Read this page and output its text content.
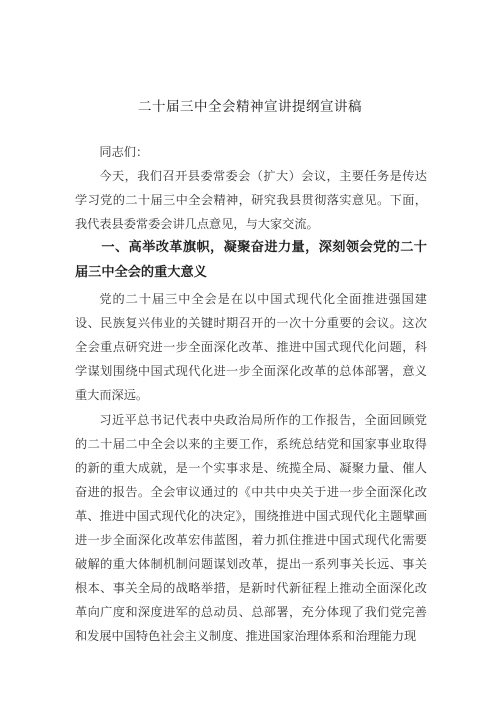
二十届三中全会精神宣讲提纲宣讲稿

同志们：

今天，我们召开县委常委会（扩大）会议，主要任务是传达学习党的二十届三中全会精神，研究我县贯彻落实意见。下面，我代表县委常委会讲几点意见，与大家交流。

一、高举改革旗帜，凝聚奋进力量，深刻领会党的二十届三中全会的重大意义

党的二十届三中全会是在以中国式现代化全面推进强国建设、民族复兴伟业的关键时期召开的一次十分重要的会议。这次全会重点研究进一步全面深化改革、推进中国式现代化问题，科学谋划围绕中国式现代化进一步全面深化改革的总体部署，意义重大而深远。

习近平总书记代表中央政治局所作的工作报告，全面回顾党的二十届二中全会以来的主要工作，系统总结党和国家事业取得的新的重大成就，是一个实事求是、统揽全局、凝聚力量、催人奋进的报告。全会审议通过的《中共中央关于进一步全面深化改革、推进中国式现代化的决定》，围绕推进中国式现代化主题擘画进一步全面深化改革宏伟蓝图，着力抓住推进中国式现代化需要破解的重大体制机制问题谋划改革，提出一系列事关长远、事关根本、事关全局的战略举措，是新时代新征程上推动全面深化改革向广度和深度进军的总动员、总部署，充分体现了我们党完善和发展中国特色社会主义制度、推进国家治理体系和治理能力现
